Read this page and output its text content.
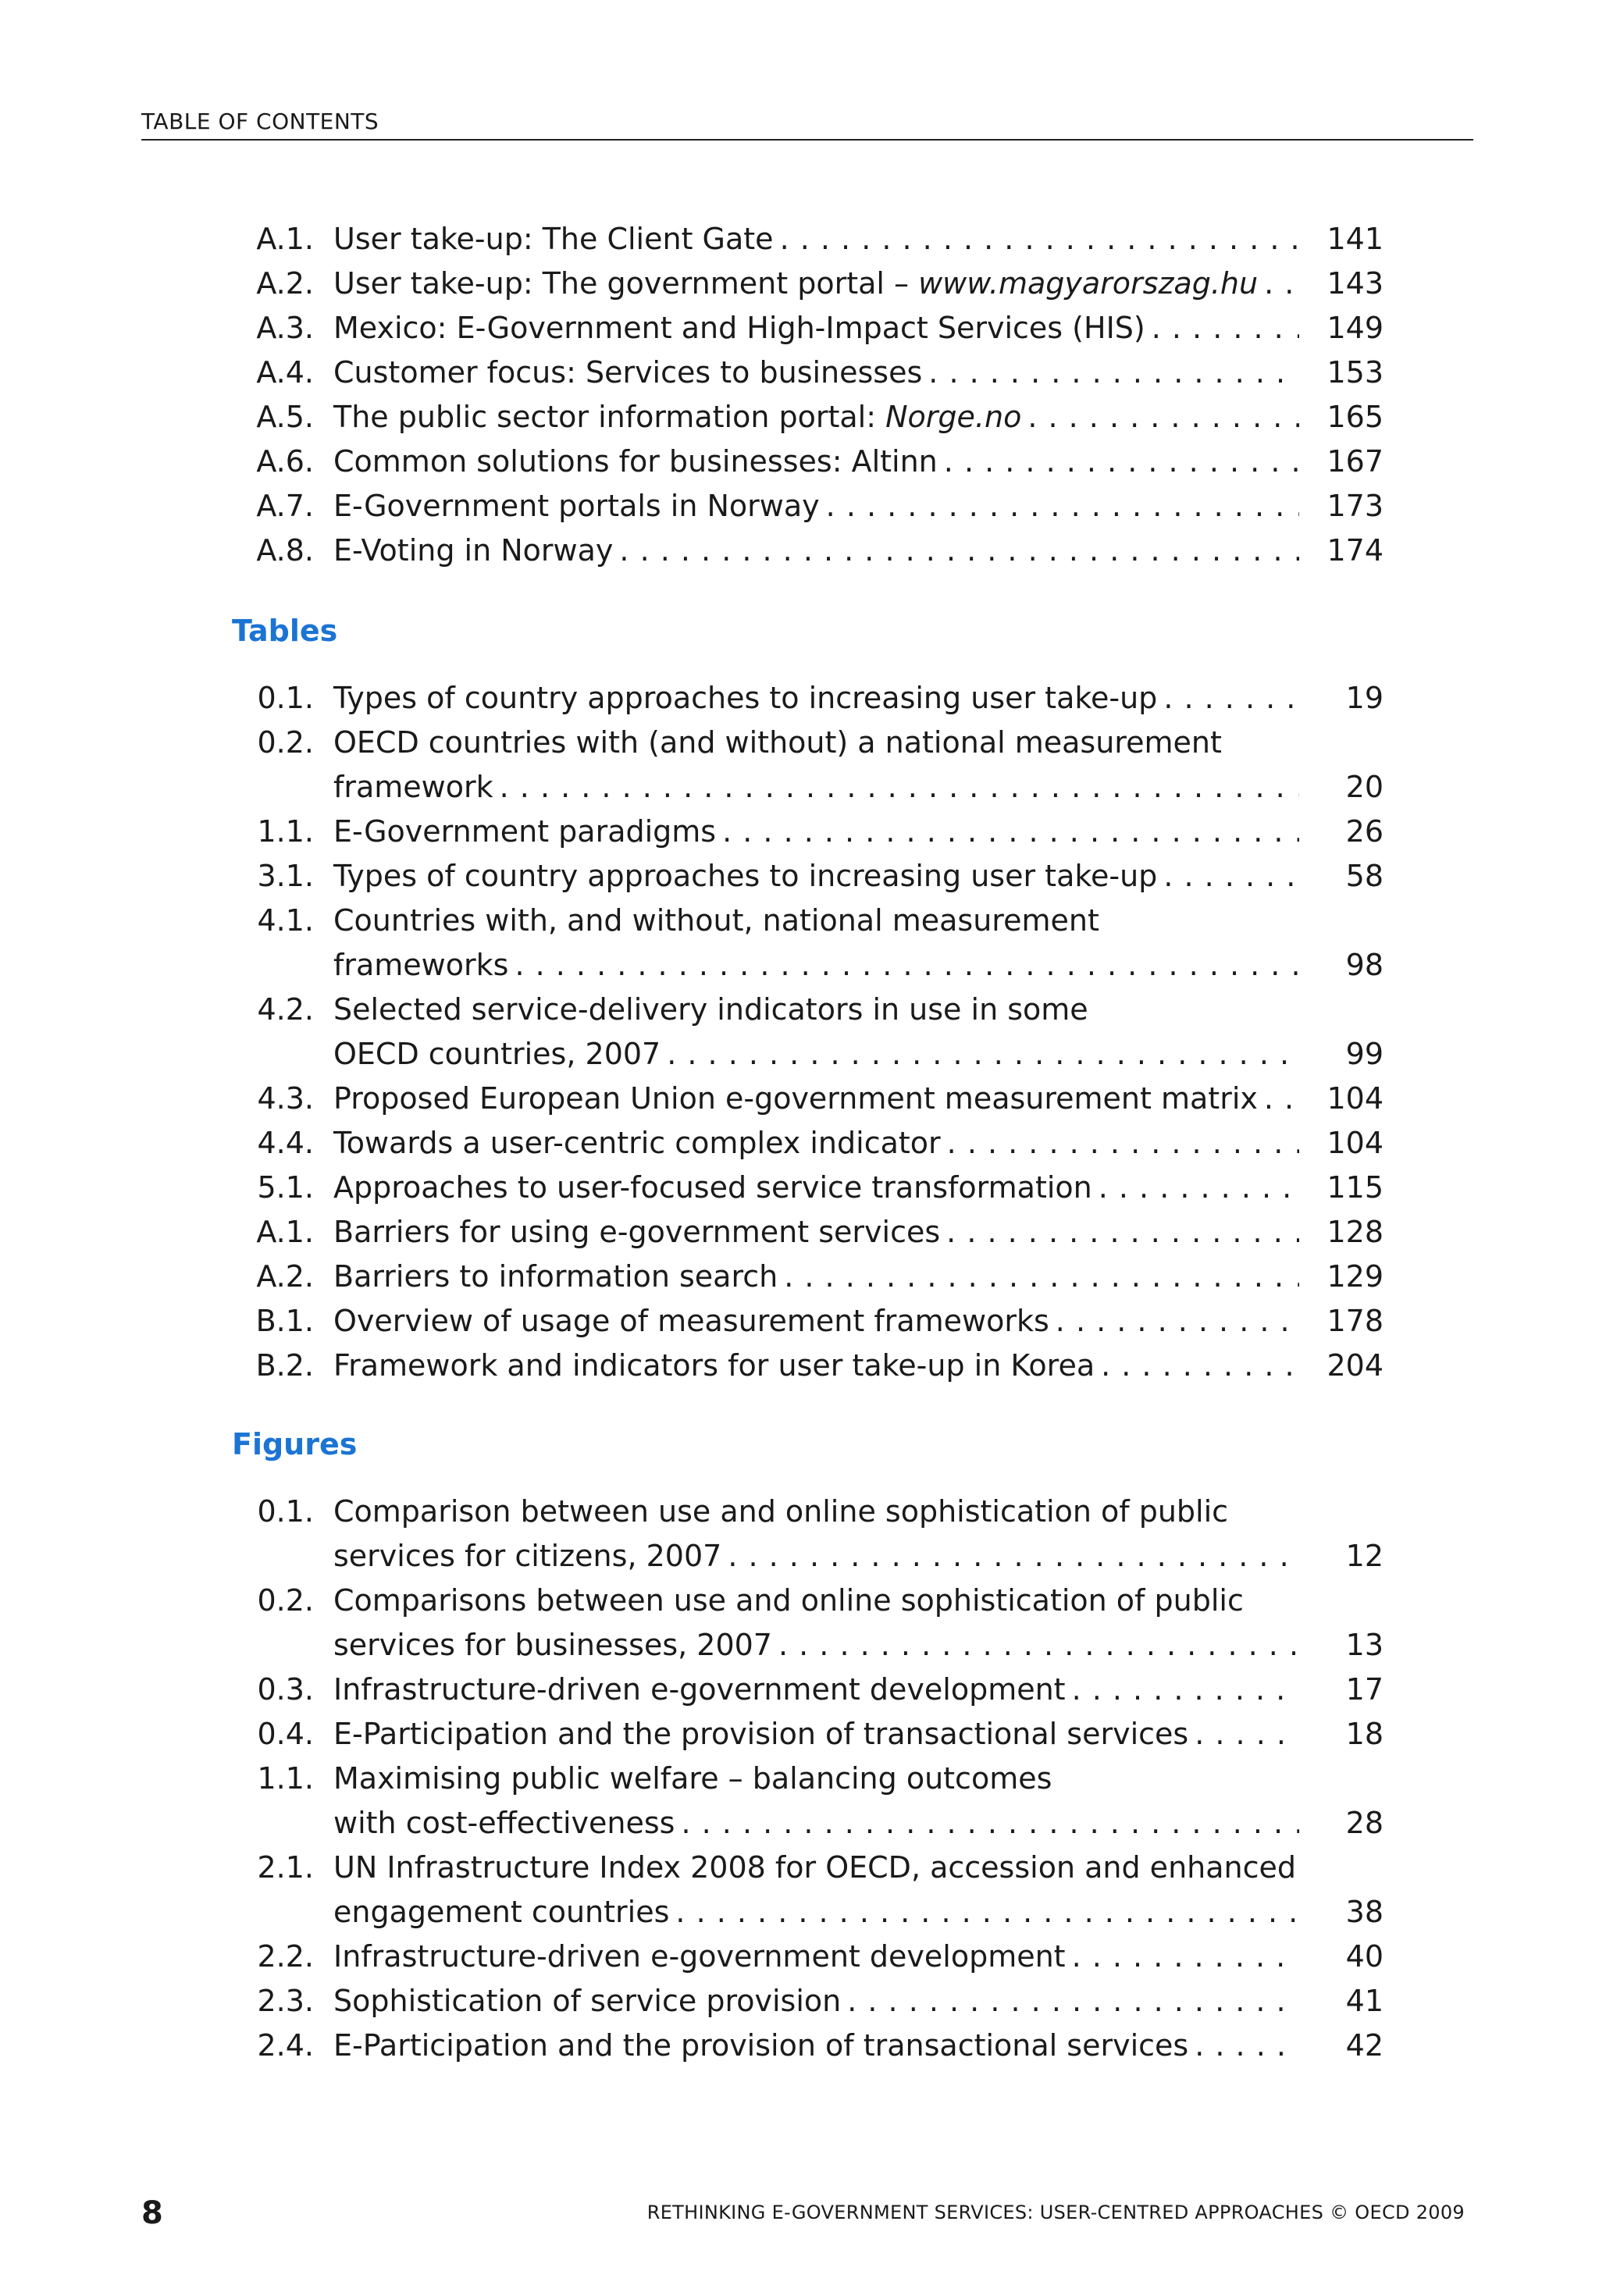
TABLE OF CONTENTS
A.1. User take-up: The Client Gate . . .	141
A.2. User take-up: The government portal – www.magyarorszag.hu . . .	143
A.3. Mexico: E-Government and High-Impact Services (HIS) . . .	149
A.4. Customer focus: Services to businesses . . .	153
A.5. The public sector information portal: Norge.no . . .	165
A.6. Common solutions for businesses: Altinn . . .	167
A.7. E-Government portals in Norway . . .	173
A.8. E-Voting in Norway . . .	174
Tables
0.1. Types of country approaches to increasing user take-up . . .	19
0.2. OECD countries with (and without) a national measurement
framework . . .	20
1.1. E-Government paradigms . . .	26
3.1. Types of country approaches to increasing user take-up . . .	58
4.1. Countries with, and without, national measurement
frameworks . . .	98
4.2. Selected service-delivery indicators in use in some
OECD countries, 2007 . . .	99
4.3. Proposed European Union e-government measurement matrix . . .	104
4.4. Towards a user-centric complex indicator . . .	104
5.1. Approaches to user-focused service transformation . . .	115
A.1. Barriers for using e-government services . . .	128
A.2. Barriers to information search . . .	129
B.1. Overview of usage of measurement frameworks . . .	178
B.2. Framework and indicators for user take-up in Korea . . .	204
Figures
0.1. Comparison between use and online sophistication of public
services for citizens, 2007 . . .	12
0.2. Comparisons between use and online sophistication of public
services for businesses, 2007 . . .	13
0.3. Infrastructure-driven e-government development . . .	17
0.4. E-Participation and the provision of transactional services . . .	18
1.1. Maximising public welfare – balancing outcomes
with cost-effectiveness . . .	28
2.1. UN Infrastructure Index 2008 for OECD, accession and enhanced
engagement countries . . .	38
2.2. Infrastructure-driven e-government development . . .	40
2.3. Sophistication of service provision . . .	41
2.4. E-Participation and the provision of transactional services . . .	42
8	RETHINKING E-GOVERNMENT SERVICES: USER-CENTRED APPROACHES © OECD 2009
